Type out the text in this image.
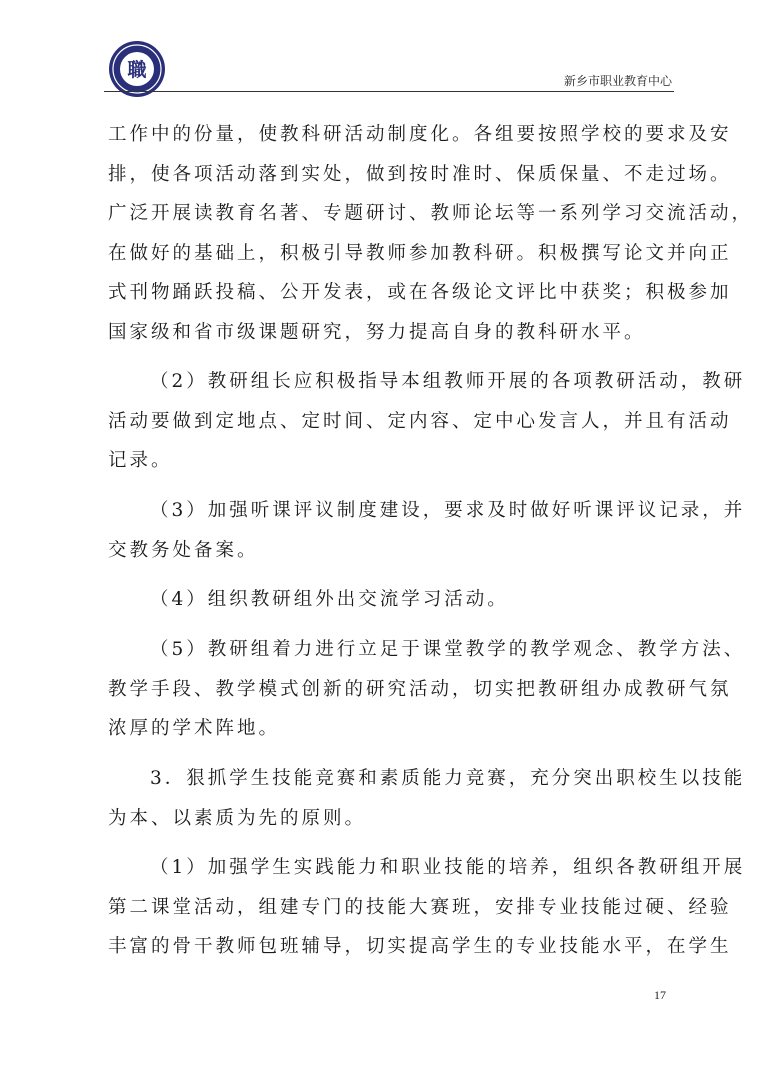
職	新乡市职业教育中心
工作中的份量，使教科研活动制度化。各组要按照学校的要求及安
排，使各项活动落到实处，做到按时准时、保质保量、不走过场。
广泛开展读教育名著、专题研讨、教师论坛等一系列学习交流活动，
在做好的基础上，积极引导教师参加教科研。积极撰写论文并向正
式刊物踊跃投稿、公开发表，或在各级论文评比中获奖；积极参加
国家级和省市级课题研究，努力提高自身的教科研水平。
（2）教研组长应积极指导本组教师开展的各项教研活动，教研
活动要做到定地点、定时间、定内容、定中心发言人，并且有活动
记录。
（3）加强听课评议制度建设，要求及时做好听课评议记录，并
交教务处备案。
（4）组织教研组外出交流学习活动。
（5）教研组着力进行立足于课堂教学的教学观念、教学方法、
教学手段、教学模式创新的研究活动，切实把教研组办成教研气氛
浓厚的学术阵地。
3．狠抓学生技能竞赛和素质能力竞赛，充分突出职校生以技能
为本、以素质为先的原则。
（1）加强学生实践能力和职业技能的培养，组织各教研组开展
第二课堂活动，组建专门的技能大赛班，安排专业技能过硬、经验
丰富的骨干教师包班辅导，切实提高学生的专业技能水平，在学生
17
